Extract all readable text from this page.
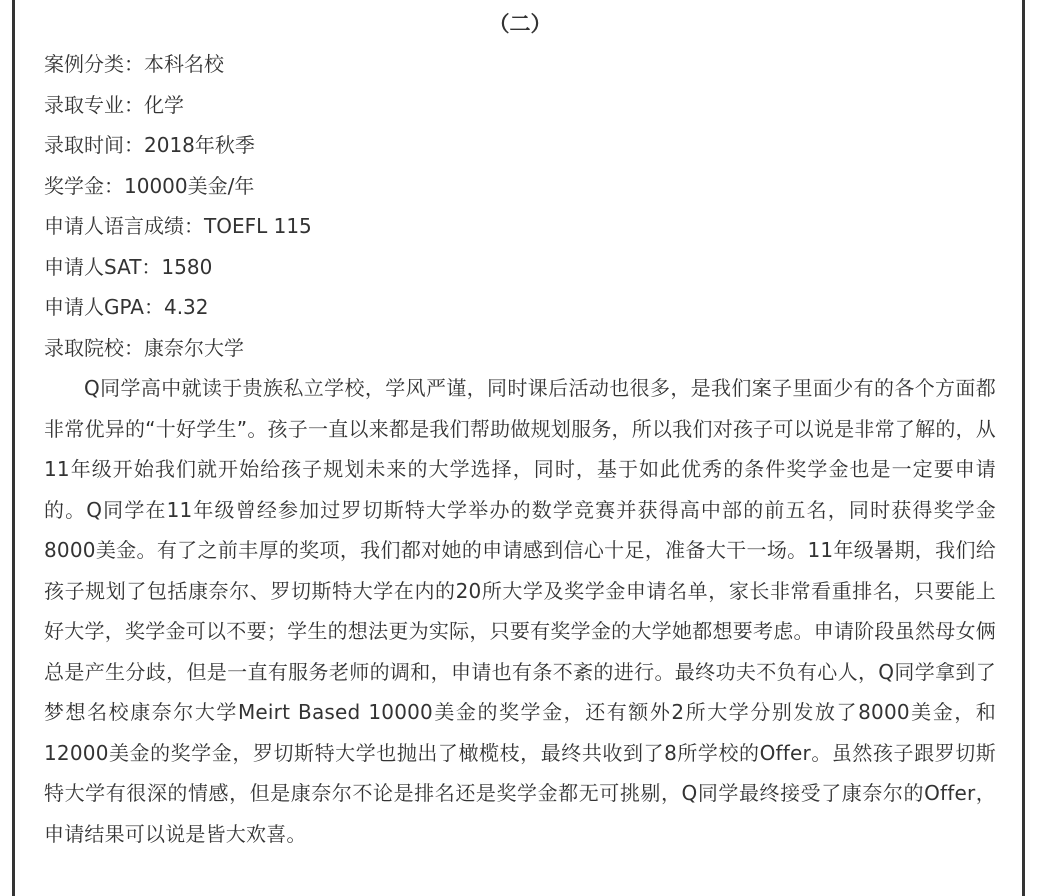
（二）
案例分类：本科名校
录取专业：化学
录取时间：2018年秋季
奖学金：10000美金/年
申请人语言成绩：TOEFL 115
申请人SAT：1580
申请人GPA：4.32
录取院校：康奈尔大学

Q同学高中就读于贵族私立学校，学风严谨，同时课后活动也很多，是我们案子里面少有的各个方面都非常优异的“十好学生”。孩子一直以来都是我们帮助做规划服务，所以我们对孩子可以说是非常了解的，从11年级开始我们就开始给孩子规划未来的大学选择，同时，基于如此优秀的条件奖学金也是一定要申请的。Q同学在11年级曾经参加过罗切斯特大学举办的数学竞赛并获得高中部的前五名，同时获得奖学金8000美金。有了之前丰厚的奖项，我们都对她的申请感到信心十足，准备大干一场。11年级暑期，我们给孩子规划了包括康奈尔、罗切斯特大学在内的20所大学及奖学金申请名单，家长非常看重排名，只要能上好大学，奖学金可以不要；学生的想法更为实际，只要有奖学金的大学她都想要考虑。申请阶段虽然母女俩总是产生分歧，但是一直有服务老师的调和，申请也有条不紊的进行。最终功夫不负有心人，Q同学拿到了梦想名校康奈尔大学Meirt Based 10000美金的奖学金，还有额外2所大学分别发放了8000美金，和12000美金的奖学金，罗切斯特大学也抛出了橄榄枝，最终共收到了8所学校的Offer。虽然孩子跟罗切斯特大学有很深的情感，但是康奈尔不论是排名还是奖学金都无可挑剔，Q同学最终接受了康奈尔的Offer，申请结果可以说是皆大欢喜。
